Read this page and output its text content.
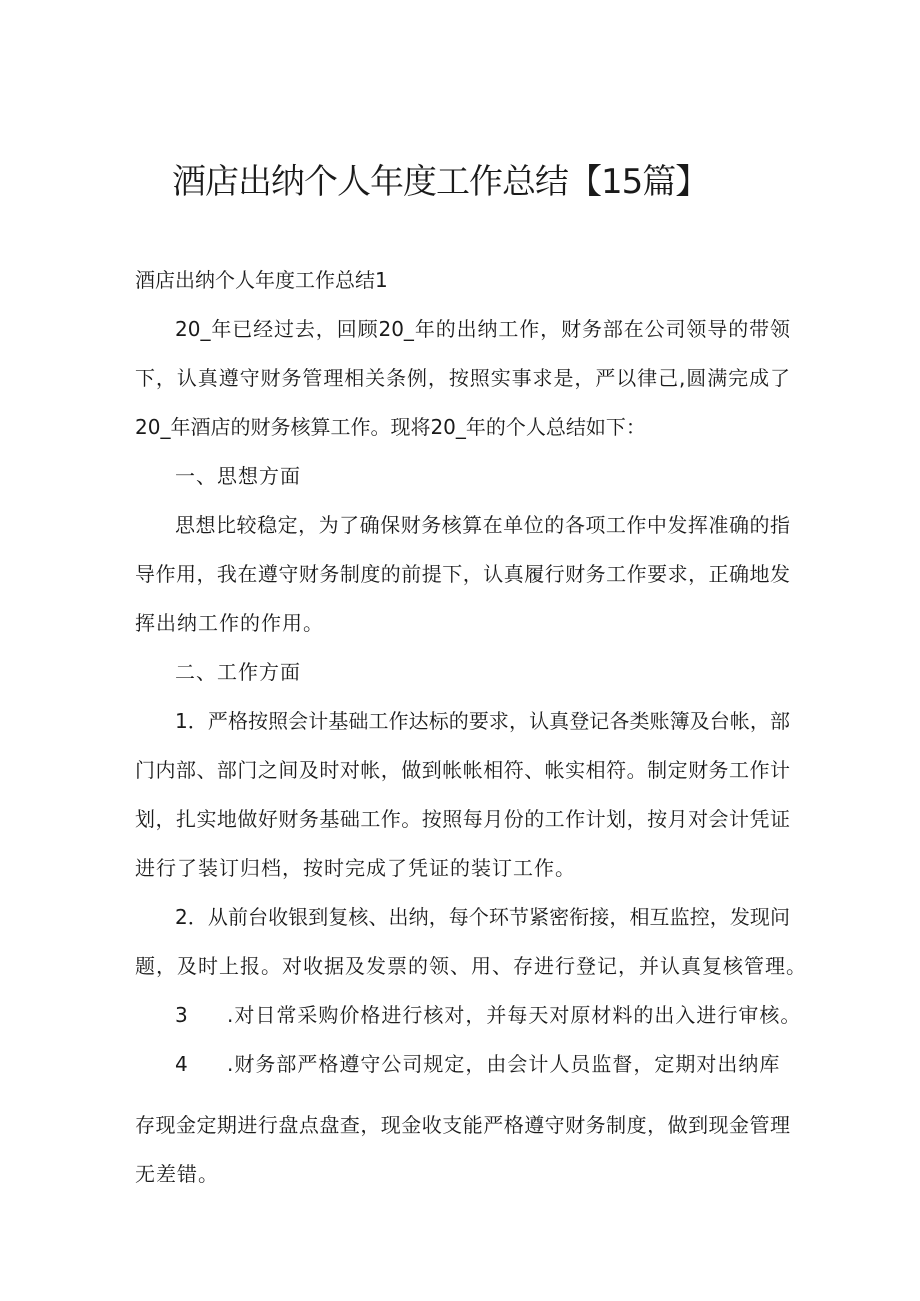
酒店出纳个人年度工作总结【15篇】

酒店出纳个人年度工作总结1

20_年已经过去，回顾20_年的出纳工作，财务部在公司领导的带领

下，认真遵守财务管理相关条例，按照实事求是，严以律己,圆满完成了

20_年酒店的财务核算工作。现将20_年的个人总结如下：

一、思想方面

思想比较稳定，为了确保财务核算在单位的各项工作中发挥准确的指

导作用，我在遵守财务制度的前提下，认真履行财务工作要求，正确地发

挥出纳工作的作用。

二、工作方面

1．严格按照会计基础工作达标的要求，认真登记各类账簿及台帐，部

门内部、部门之间及时对帐，做到帐帐相符、帐实相符。制定财务工作计

划，扎实地做好财务基础工作。按照每月份的工作计划，按月对会计凭证

进行了装订归档，按时完成了凭证的装订工作。

2．从前台收银到复核、出纳，每个环节紧密衔接，相互监控，发现问

题，及时上报。对收据及发票的领、用、存进行登记，并认真复核管理。

3 .对日常采购价格进行核对，并每天对原材料的出入进行审核。

4 .财务部严格遵守公司规定，由会计人员监督，定期对出纳库

存现金定期进行盘点盘查，现金收支能严格遵守财务制度，做到现金管理

无差错。
